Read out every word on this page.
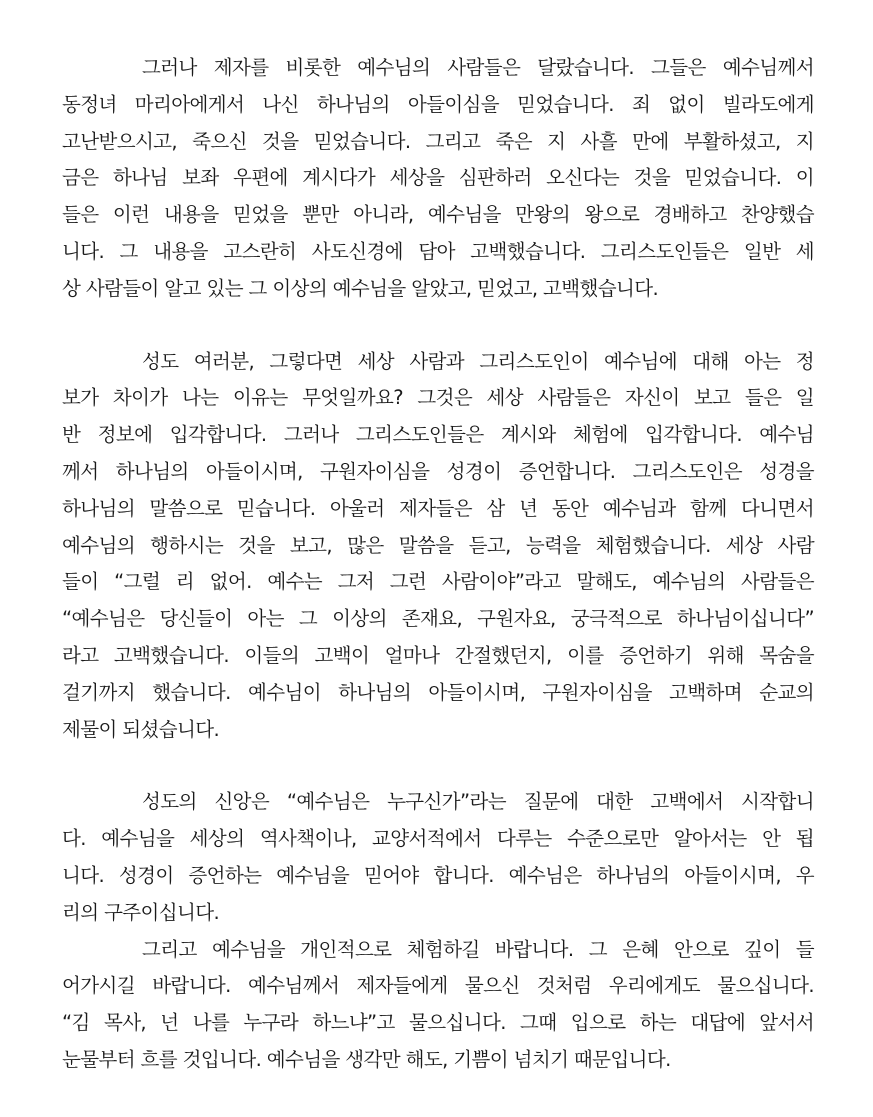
그러나 제자를 비롯한 예수님의 사람들은 달랐습니다. 그들은 예수님께서
동정녀 마리아에게서 나신 하나님의 아들이심을 믿었습니다. 죄 없이 빌라도에게
고난받으시고, 죽으신 것을 믿었습니다. 그리고 죽은 지 사흘 만에 부활하셨고, 지
금은 하나님 보좌 우편에 계시다가 세상을 심판하러 오신다는 것을 믿었습니다. 이
들은 이런 내용을 믿었을 뿐만 아니라, 예수님을 만왕의 왕으로 경배하고 찬양했습
니다. 그 내용을 고스란히 사도신경에 담아 고백했습니다. 그리스도인들은 일반 세
상 사람들이 알고 있는 그 이상의 예수님을 알았고, 믿었고, 고백했습니다.
성도 여러분, 그렇다면 세상 사람과 그리스도인이 예수님에 대해 아는 정
보가 차이가 나는 이유는 무엇일까요? 그것은 세상 사람들은 자신이 보고 들은 일
반 정보에 입각합니다. 그러나 그리스도인들은 계시와 체험에 입각합니다. 예수님
께서 하나님의 아들이시며, 구원자이심을 성경이 증언합니다. 그리스도인은 성경을
하나님의 말씀으로 믿습니다. 아울러 제자들은 삼 년 동안 예수님과 함께 다니면서
예수님의 행하시는 것을 보고, 많은 말씀을 듣고, 능력을 체험했습니다. 세상 사람
들이 “그럴 리 없어. 예수는 그저 그런 사람이야”라고 말해도, 예수님의 사람들은
“예수님은 당신들이 아는 그 이상의 존재요, 구원자요, 궁극적으로 하나님이십니다”
라고 고백했습니다. 이들의 고백이 얼마나 간절했던지, 이를 증언하기 위해 목숨을
걸기까지 했습니다. 예수님이 하나님의 아들이시며, 구원자이심을 고백하며 순교의
제물이 되셨습니다.
성도의 신앙은 “예수님은 누구신가”라는 질문에 대한 고백에서 시작합니
다. 예수님을 세상의 역사책이나, 교양서적에서 다루는 수준으로만 알아서는 안 됩
니다. 성경이 증언하는 예수님을 믿어야 합니다. 예수님은 하나님의 아들이시며, 우
리의 구주이십니다.
그리고 예수님을 개인적으로 체험하길 바랍니다. 그 은혜 안으로 깊이 들
어가시길 바랍니다. 예수님께서 제자들에게 물으신 것처럼 우리에게도 물으십니다.
“김 목사, 넌 나를 누구라 하느냐”고 물으십니다. 그때 입으로 하는 대답에 앞서서
눈물부터 흐를 것입니다. 예수님을 생각만 해도, 기쁨이 넘치기 때문입니다.
